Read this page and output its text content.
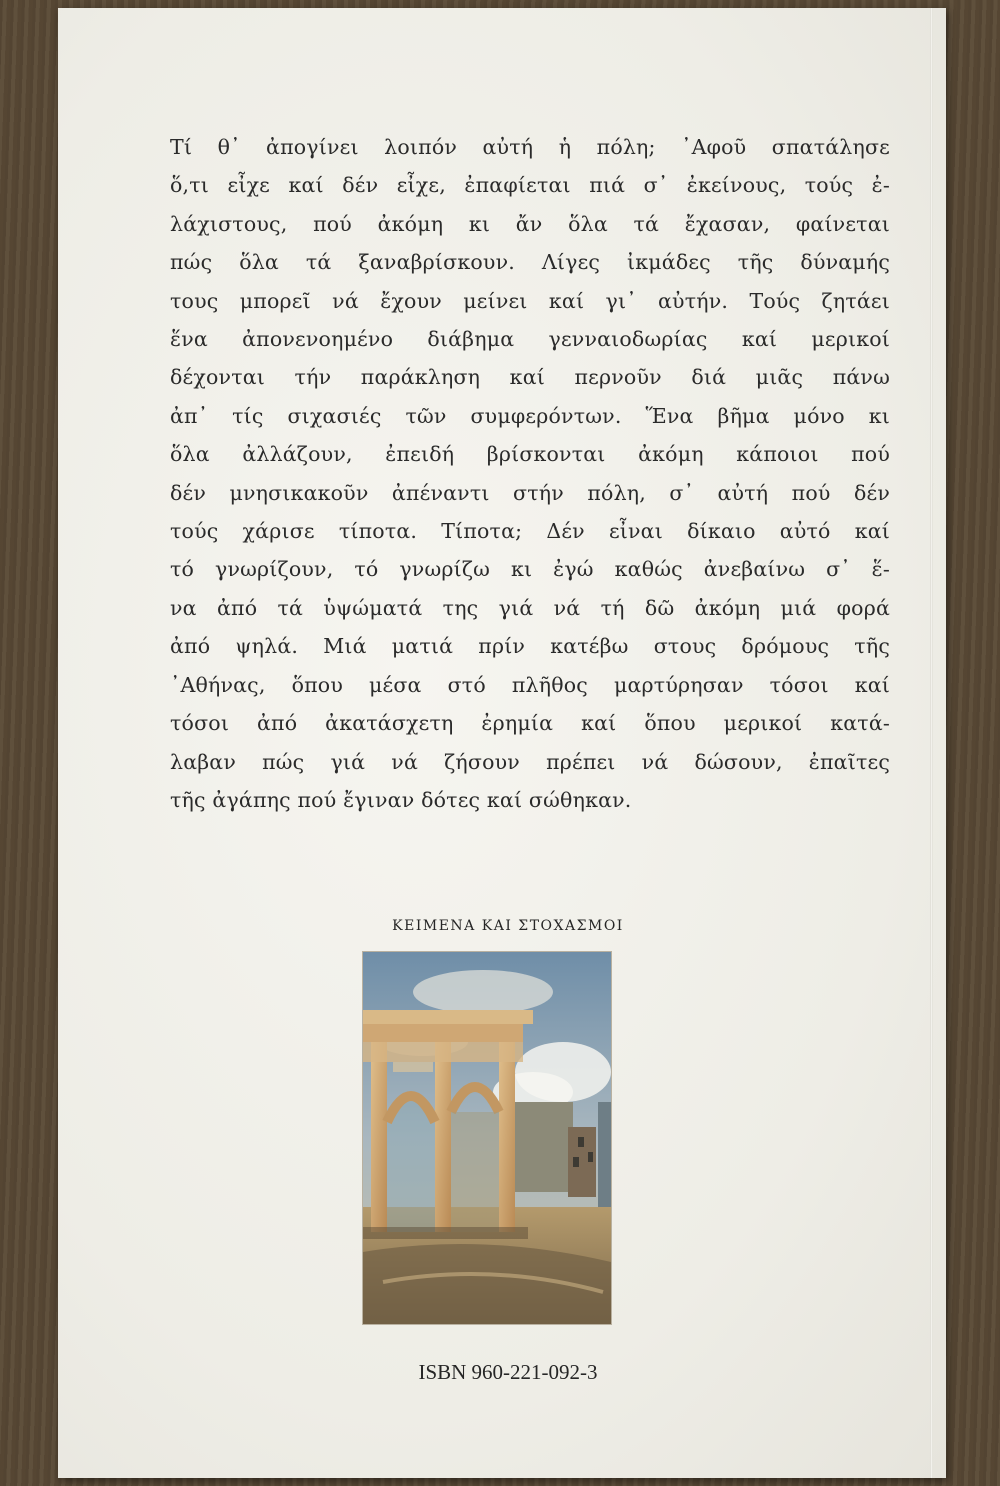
Τί θ᾽ ἀπογίνει λοιπόν αὐτή ἡ πόλη; ᾽Αφοῦ σπατάλησε
ὅ,τι εἶχε καί δέν εἶχε, ἐπαφίεται πιά σ᾽ ἐκείνους, τούς ἐ-
λάχιστους, πού ἀκόμη κι ἄν ὅλα τά ἔχασαν, φαίνεται
πώς ὅλα τά ξαναβρίσκουν. Λίγες ἰκμάδες τῆς δύναμής
τους μπορεῖ νά ἔχουν μείνει καί γι᾽ αὐτήν. Τούς ζητάει
ἕνα ἀπονενοημένο διάβημα γενναιοδωρίας καί μερικοί
δέχονται τήν παράκληση καί περνοῦν διά μιᾶς πάνω
ἀπ᾽ τίς σιχασιές τῶν συμφερόντων. Ἕνα βῆμα μόνο κι
ὅλα ἀλλάζουν, ἐπειδή βρίσκονται ἀκόμη κάποιοι πού
δέν μνησικακοῦν ἀπέναντι στήν πόλη, σ᾽ αὐτή πού δέν
τούς χάρισε τίποτα. Τίποτα; Δέν εἶναι δίκαιο αὐτό καί
τό γνωρίζουν, τό γνωρίζω κι ἐγώ καθώς ἀνεβαίνω σ᾽ ἕ-
να ἀπό τά ὑψώματά της γιά νά τή δῶ ἀκόμη μιά φορά
ἀπό ψηλά. Μιά ματιά πρίν κατέβω στους δρόμους τῆς
᾽Αθήνας, ὅπου μέσα στό πλῆθος μαρτύρησαν τόσοι καί
τόσοι ἀπό ἀκατάσχετη ἐρημία καί ὅπου μερικοί κατά-
λαβαν πώς γιά νά ζήσουν πρέπει νά δώσουν, ἐπαῖτες
τῆς ἀγάπης πού ἔγιναν δότες καί σώθηκαν.
ΚΕΙΜΕΝΑ ΚΑΙ ΣΤΟΧΑΣΜΟΙ
ISBN 960-221-092-3
